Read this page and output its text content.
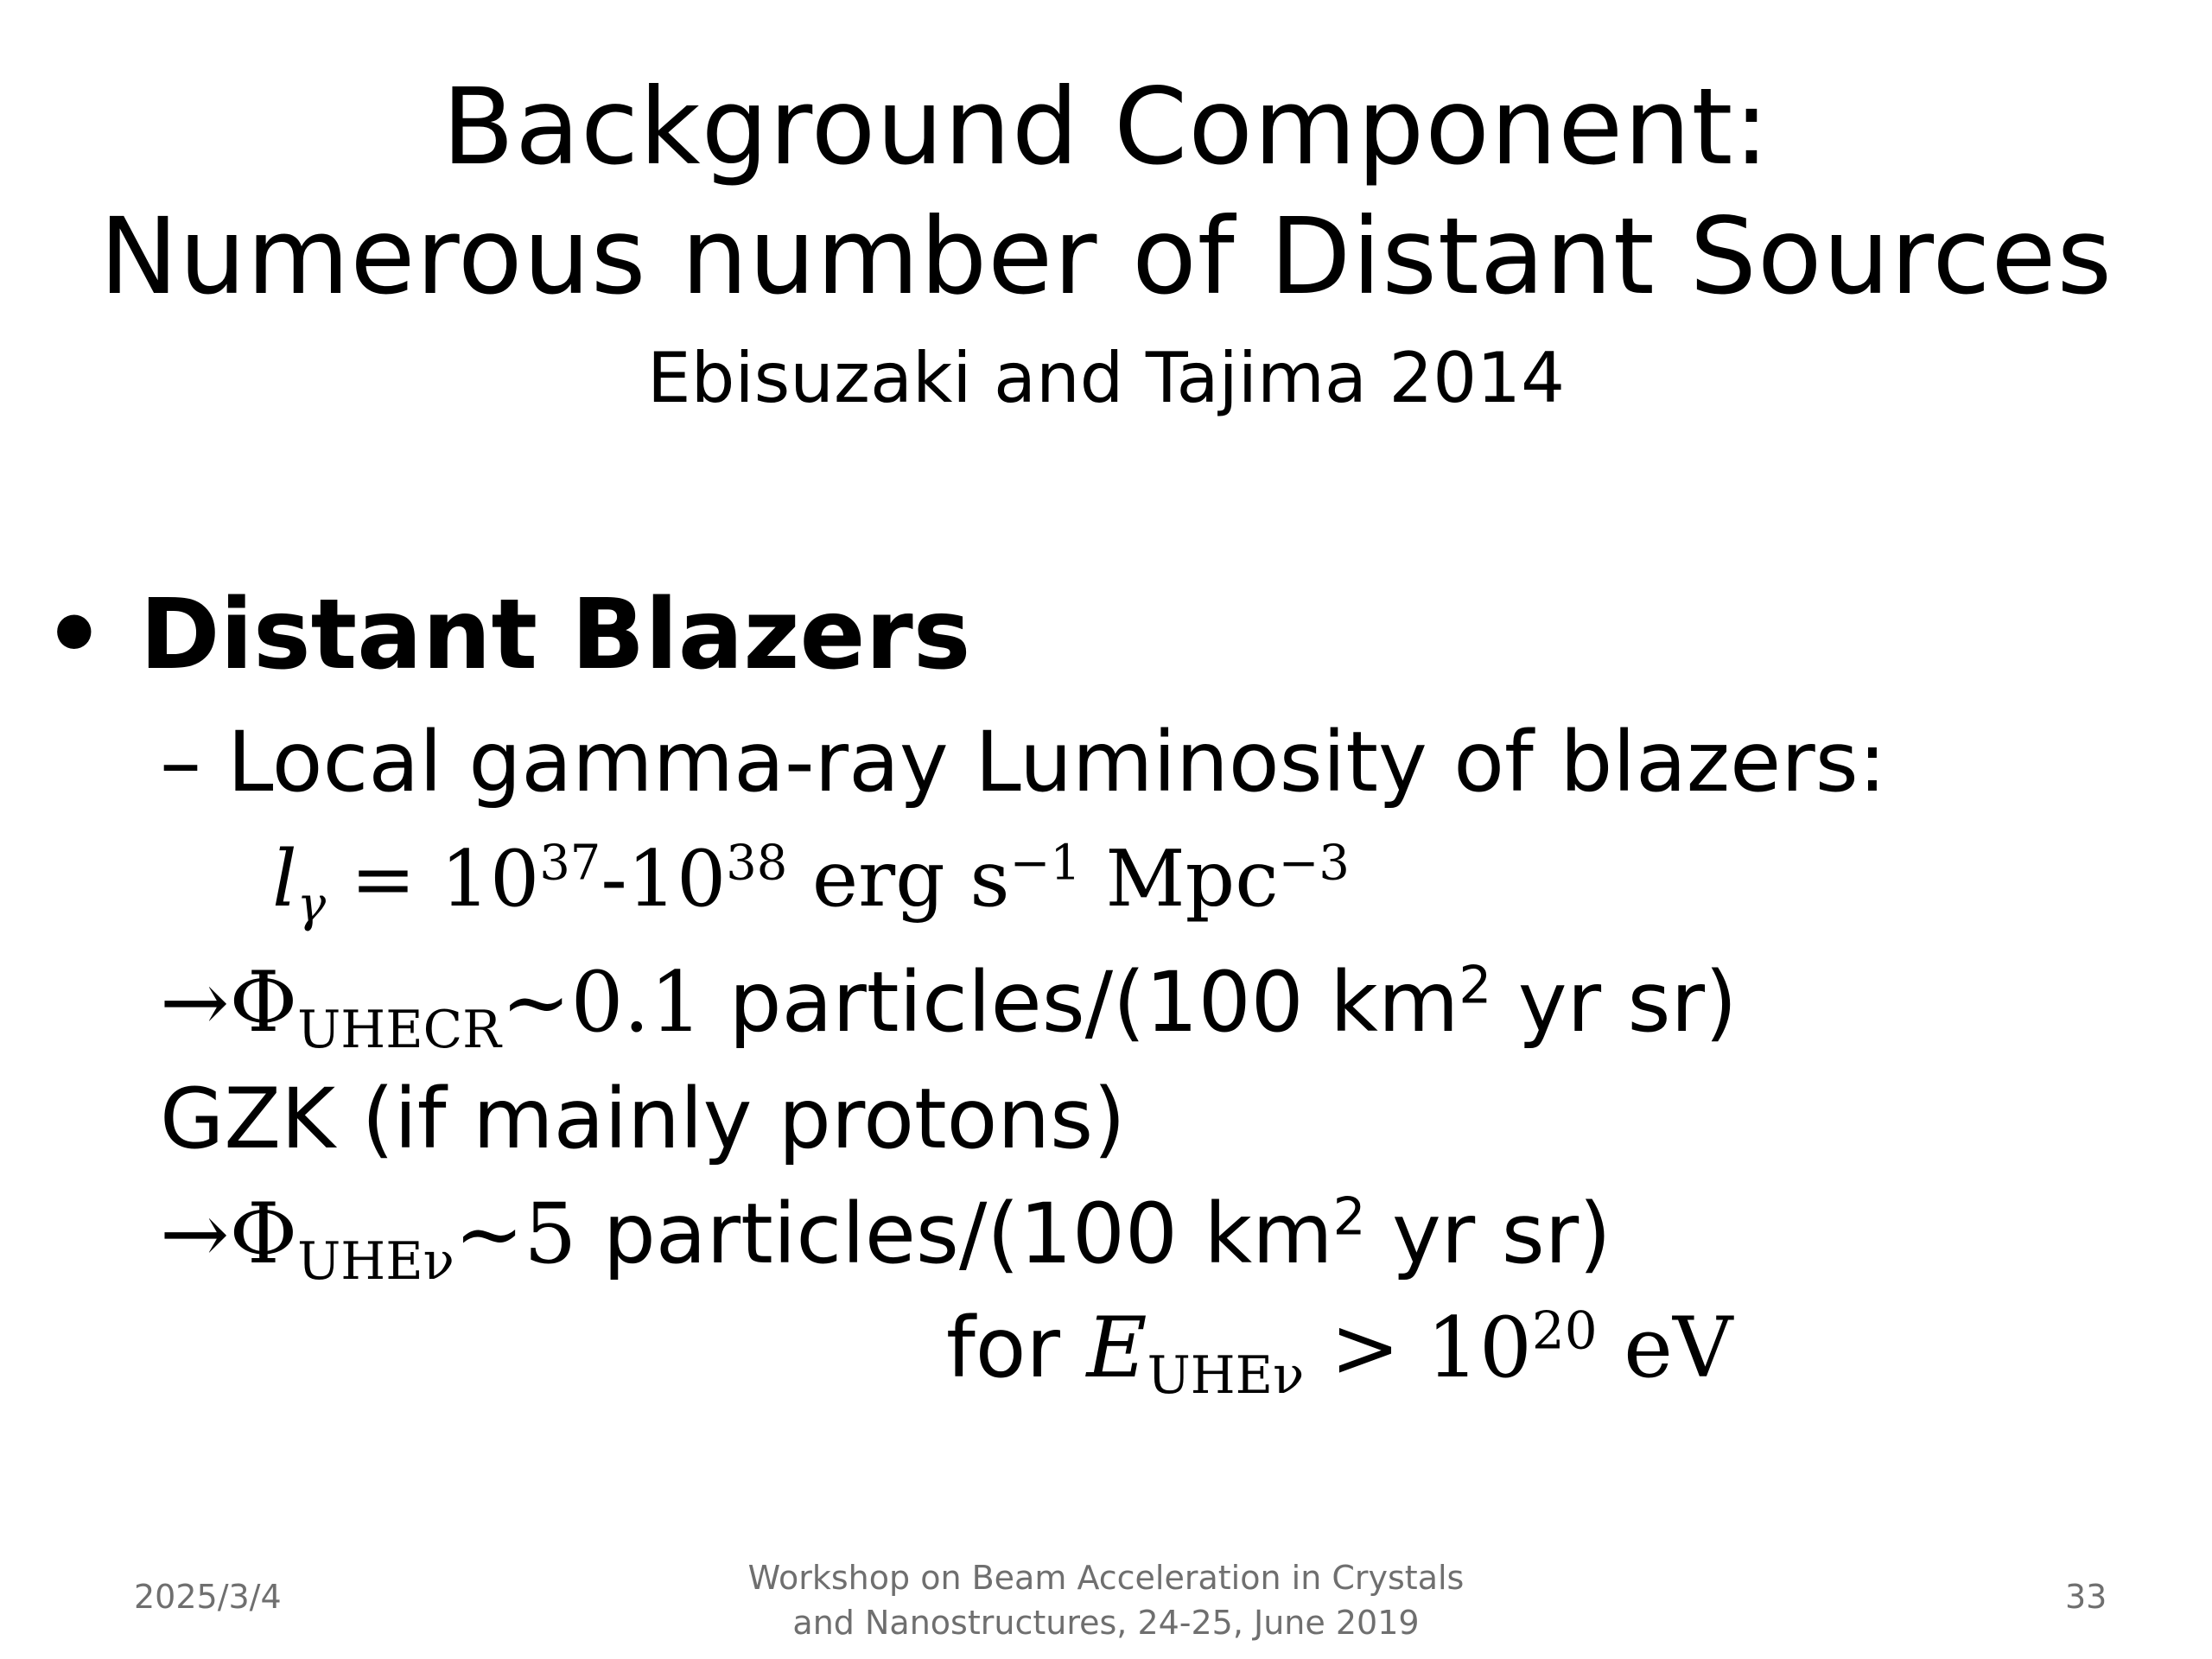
Background Component:
Numerous number of Distant Sources
Ebisuzaki and Tajima 2014
• Distant Blazers
– Local gamma-ray Luminosity of blazers:
$l_\gamma = 10^{37}-10^{38}$ erg $s^{-1}$ Mpc$^{-3}$
$\to\Phi_{UHECR}\sim 0.1$ particles/(100 $km^2$ yr sr)
GZK (if mainly protons)
$\to\Phi_{UHE\nu}\sim 5$ particles/(100 $km^2$ yr sr)
for $E_{UHE\nu} > 10^{20}$ eV
2025/3/4	Workshop on Beam Acceleration in Crystals
and Nanostructures, 24-25, June 2019
33
